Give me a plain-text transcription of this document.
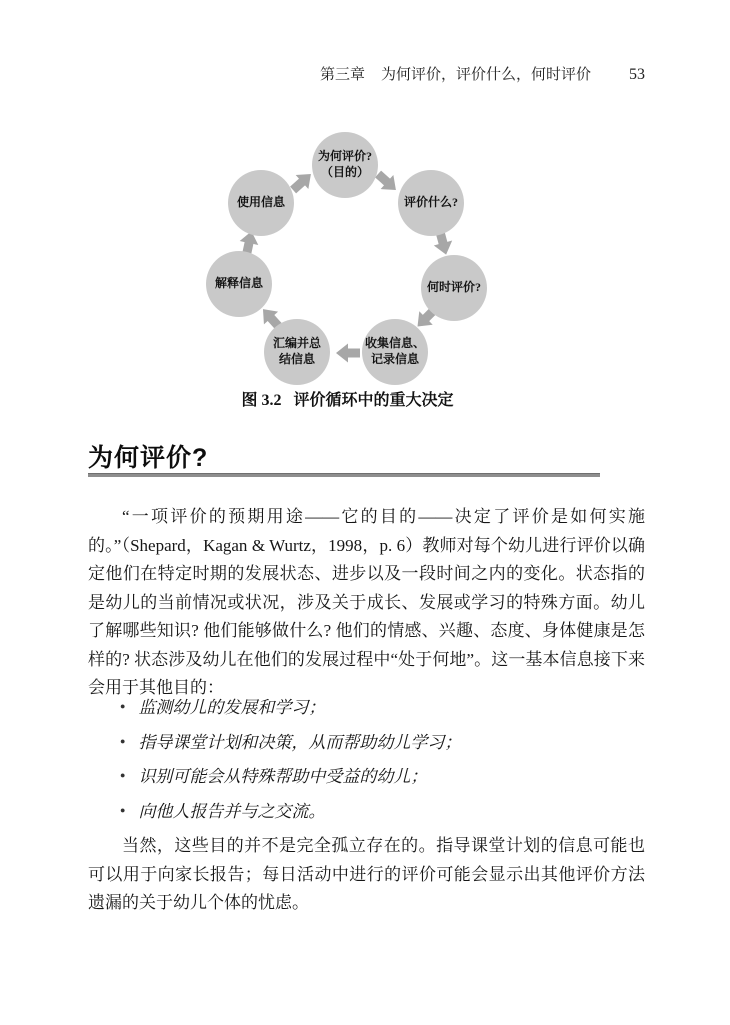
第三章 为何评价，评价什么，何时评价 53
为何评价?
（目的）
评价什么?
何时评价?
收集信息、
记录信息
汇编并总
结信息
解释信息
使用信息
图 3.2 评价循环中的重大决定
为何评价?
“一项评价的预期用途——它的目的——决定了评价是如何实施的。”（Shepard，Kagan & Wurtz，1998，p. 6）教师对每个幼儿进行评价以确定他们在特定时期的发展状态、进步以及一段时间之内的变化。状态指的是幼儿的当前情况或状况，涉及关于成长、发展或学习的特殊方面。幼儿了解哪些知识? 他们能够做什么? 他们的情感、兴趣、态度、身体健康是怎样的? 状态涉及幼儿在他们的发展过程中“处于何地”。这一基本信息接下来会用于其他目的：
● 监测幼儿的发展和学习；
● 指导课堂计划和决策，从而帮助幼儿学习；
● 识别可能会从特殊帮助中受益的幼儿；
● 向他人报告并与之交流。
当然，这些目的并不是完全孤立存在的。指导课堂计划的信息可能也可以用于向家长报告；每日活动中进行的评价可能会显示出其他评价方法遗漏的关于幼儿个体的忧虑。
